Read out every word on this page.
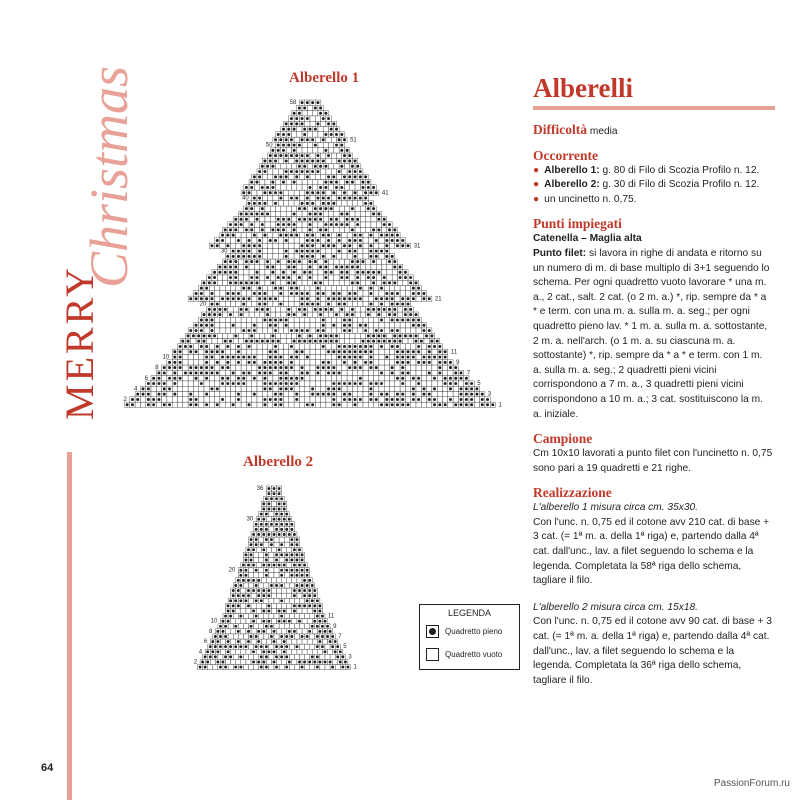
Christmas
MERRY
64
PassionForum.ru
Alberello 1
58
50
40
30
20
10
8
6
4
2
51
41
31
21
11
9
7
5
3
1
Alberello 2
36
30
20
10
8
6
4
2
11
9
7
5
3
1
LEGENDA
Quadretto pieno
Quadretto vuoto
Alberelli
Difficoltà media
Occorrente
● Alberello 1: g. 80 di Filo di Scozia Profilo n. 12.
● Alberello 2: g. 30 di Filo di Scozia Profilo n. 12.
● un uncinetto n. 0,75.
Punti impiegati
Catenella – Maglia alta

Punto filet: si lavora in righe di andata e ritorno su un numero di m. di base multiplo di 3+1 seguendo lo schema. Per ogni quadretto vuoto lavorare * una m. a., 2 cat., salt. 2 cat. (o 2 m. a.) *, rip. sempre da * a * e term. con una m. a. sulla m. a. seg.; per ogni quadretto pieno lav. * 1 m. a. sulla m. a. sottostante, 2 m. a. nell'arch. (o 1 m. a. su ciascuna m. a. sottostante) *, rip. sempre da * a * e term. con 1 m. a. sulla m. a. seg.; 2 quadretti pieni vicini corrispondono a 7 m. a., 3 quadretti pieni vicini corrispondono a 10 m. a.; 3 cat. sostituiscono la m. a. iniziale.

Campione

Cm 10x10 lavorati a punto filet con l'uncinetto n. 0,75 sono pari a 19 quadretti e 21 righe.

Realizzazione

L'alberello 1 misura circa cm. 35x30.

Con l'unc. n. 0,75 ed il cotone avv 210 cat. di base + 3 cat. (= 1ª m. a. della 1ª riga) e, partendo dalla 4ª cat. dall'unc., lav. a filet seguendo lo schema e la legenda. Completata la 58ª riga dello schema, tagliare il filo.

L'alberello 2 misura circa cm. 15x18.

Con l'unc. n. 0,75 ed il cotone avv 90 cat. di base + 3 cat. (= 1ª m. a. della 1ª riga) e, partendo dalla 4ª cat. dall'unc., lav. a filet seguendo lo schema e la legenda. Completata la 36ª riga dello schema, tagliare il filo.
